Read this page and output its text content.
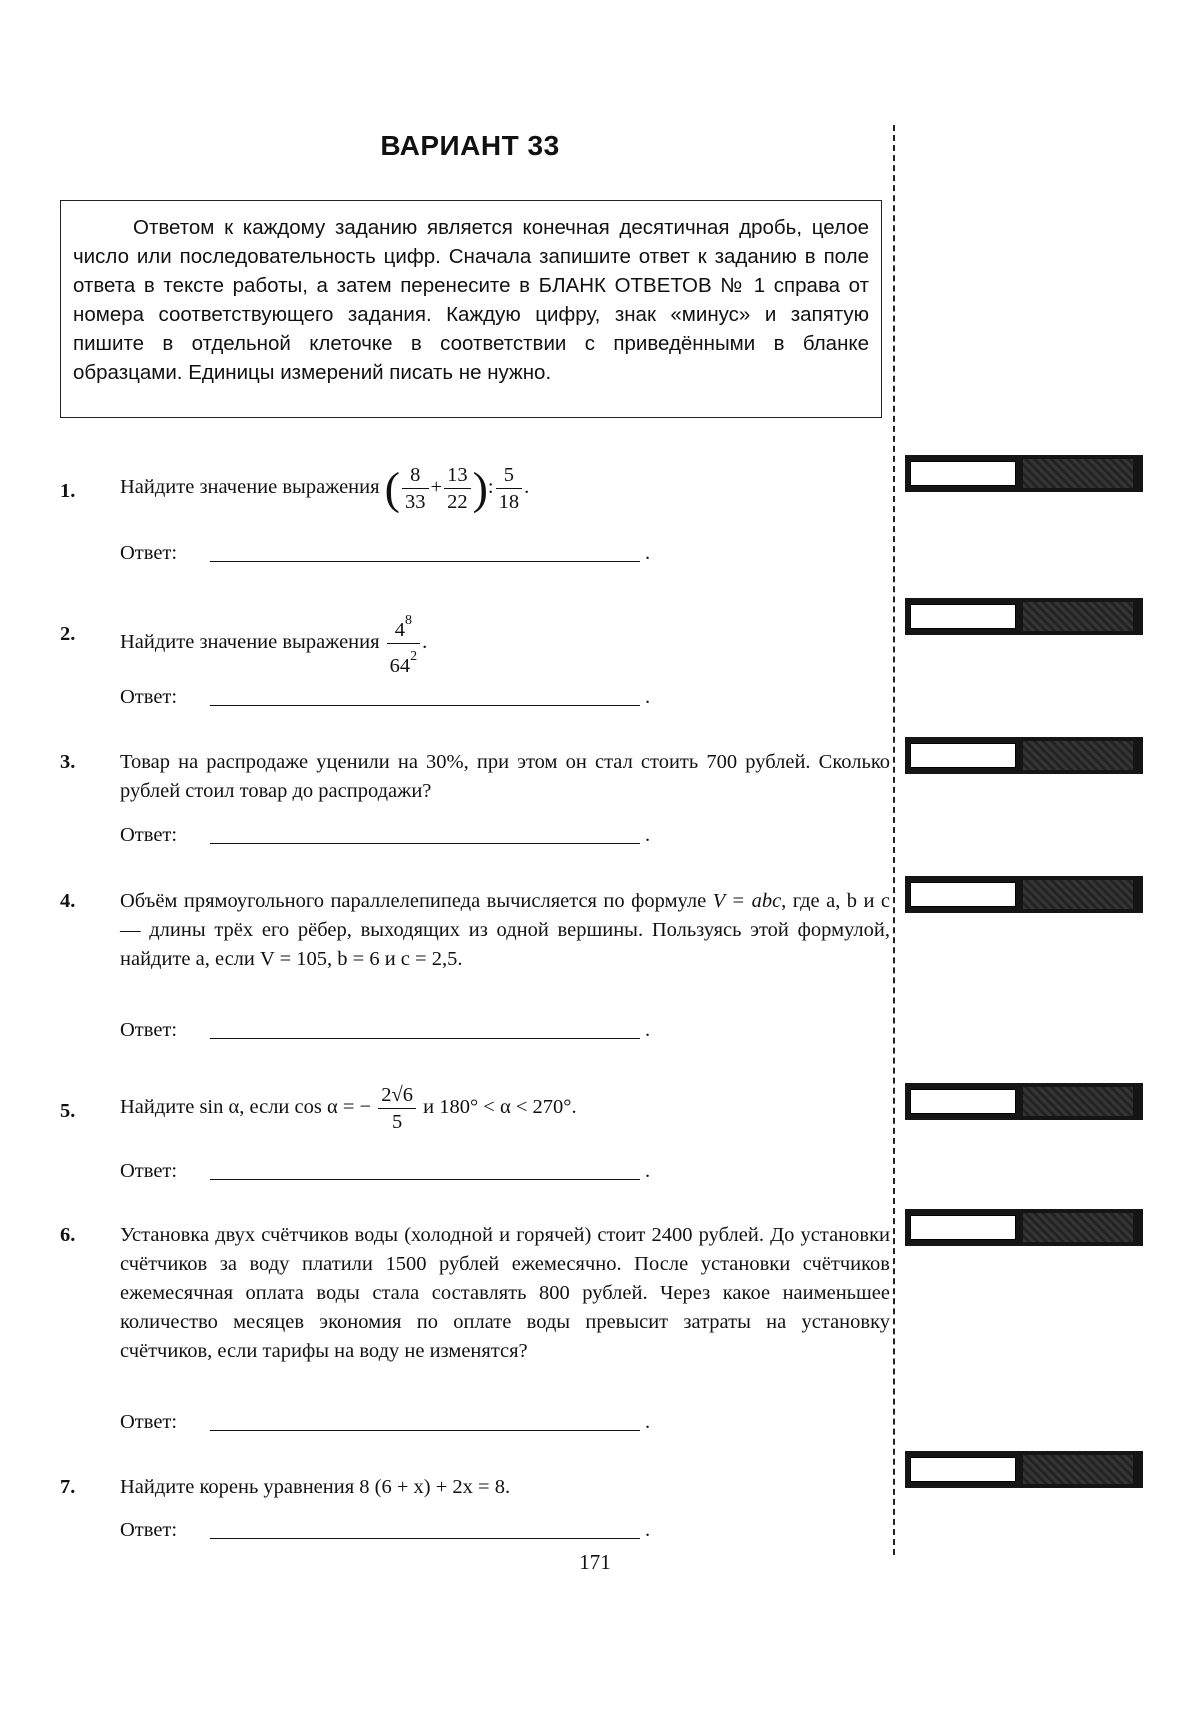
ВАРИАНТ 33
Ответом к каждому заданию является конечная десятичная дробь, целое число или последовательность цифр. Сначала запишите ответ к заданию в поле ответа в тексте работы, а затем перенесите в БЛАНК ОТВЕТОВ № 1 справа от номера соответствующего задания. Каждую цифру, знак «минус» и запятую пишите в отдельной клеточке в соответствии с приведёнными в бланке образцами. Единицы измерений писать не нужно.
1. Найдите значение выражения ( $\frac{8}{33} + \frac{13}{22}$ ): $\frac{5}{18}$ .
Ответ:	.
2. Найдите значение выражения $\frac{4^8}{64^2}$ .
Ответ:	.
3. Товар на распродаже уценили на 30%, при этом он стал стоить 700 рублей. Сколько рублей стоил товар до распродажи?
Ответ:	.
4. Объём прямоугольного параллелепипеда вычисляется по формуле V = abc, где a, b и c — длины трёх его рёбер, выходящих из одной вершины. Пользуясь этой формулой, найдите a, если V = 105, b = 6 и c = 2,5.
Ответ:	.
5. Найдите sin α, если cos α = − $\frac{2√6}{5}$ и 180° < α < 270°.
Ответ:	.
6. Установка двух счётчиков воды (холодной и горячей) стоит 2400 рублей. До установки счётчиков за воду платили 1500 рублей ежемесячно. После установки счётчиков ежемесячная оплата воды стала составлять 800 рублей. Через какое наименьшее количество месяцев экономия по оплате воды превысит затраты на установку счётчиков, если тарифы на воду не изменятся?
Ответ:	.
7. Найдите корень уравнения 8 (6 + x) + 2x = 8.
Ответ:	.
171
